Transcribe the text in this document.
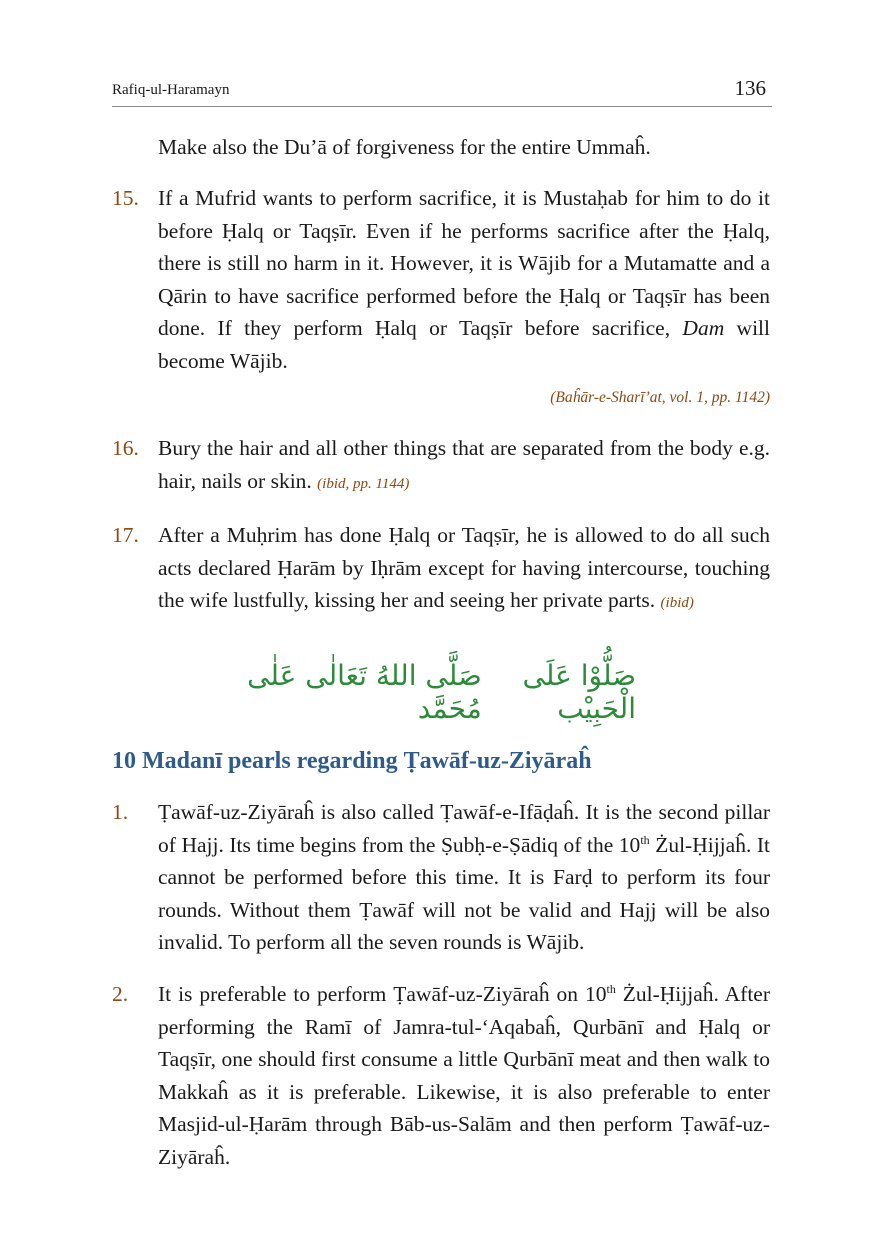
Rafiq-ul-Haramayn	136
Make also the Du’ā of forgiveness for the entire Ummaĥ.
15. If a Mufrid wants to perform sacrifice, it is Mustaḥab for him to do it before Ḥalq or Taqṣīr. Even if he performs sacrifice after the Ḥalq, there is still no harm in it. However, it is Wājib for a Mutamatte and a Qārin to have sacrifice performed before the Ḥalq or Taqṣīr has been done. If they perform Ḥalq or Taqṣīr before sacrifice, Dam will become Wājib.
(Baĥār-e-Sharī’at, vol. 1, pp. 1142)
16. Bury the hair and all other things that are separated from the body e.g. hair, nails or skin. (ibid, pp. 1144)
17. After a Muḥrim has done Ḥalq or Taqṣīr, he is allowed to do all such acts declared Ḥarām by Iḥrām except for having intercourse, touching the wife lustfully, kissing her and seeing her private parts. (ibid)
صَلُّوْا عَلَى الْحَبِيْب
صَلَّى اللهُ تَعَالٰى عَلٰى مُحَمَّد
10 Madanī pearls regarding Ṭawāf-uz-Ziyāraĥ
1.	Ṭawāf-uz-Ziyāraĥ is also called Ṭawāf-e-Ifāḍaĥ. It is the second pillar of Hajj. Its time begins from the Ṣubḥ-e-Ṣādiq of the 10th Żul-Ḥijjaĥ. It cannot be performed before this time. It is Farḍ to perform its four rounds. Without them Ṭawāf will not be valid and Hajj will be also invalid. To perform all the seven rounds is Wājib.
2.	It is preferable to perform Ṭawāf-uz-Ziyāraĥ on 10th Żul-Ḥijjaĥ. After performing the Ramī of Jamra-tul-‘Aqabaĥ, Qurbānī and Ḥalq or Taqṣīr, one should first consume a little Qurbānī meat and then walk to Makkaĥ as it is preferable. Likewise, it is also preferable to enter Masjid-ul-Ḥarām through Bāb-us-Salām and then perform Ṭawāf-uz-Ziyāraĥ.
